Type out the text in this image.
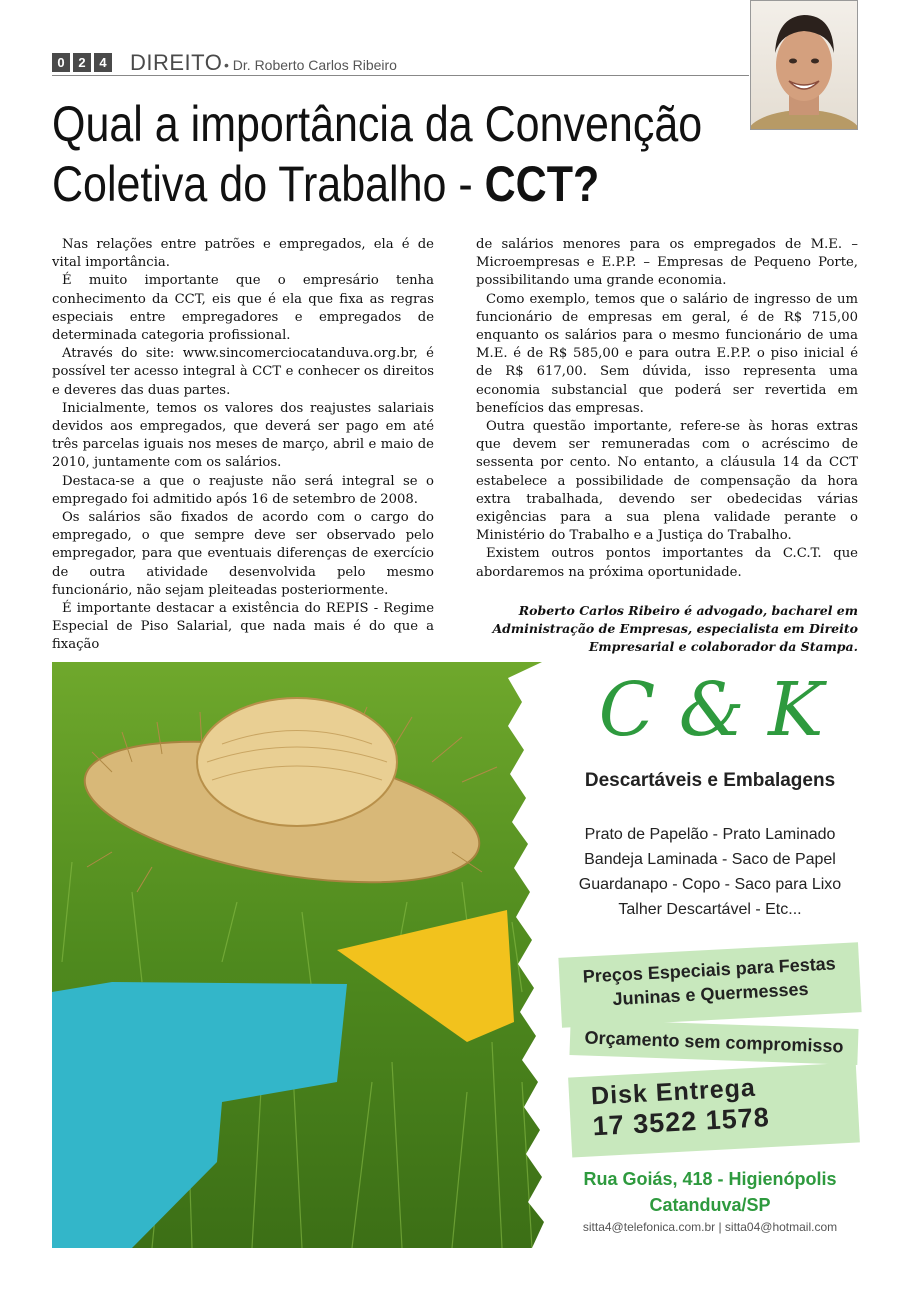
0	2	4 DIREITO • Dr. Roberto Carlos Ribeiro
Qual a importância da Convenção
Coletiva do Trabalho - CCT?

Nas relações entre patrões e empregados, ela é de vital importância.

É muito importante que o empresário tenha conhecimento da CCT, eis que é ela que fixa as regras especiais entre empregadores e empregados de determinada categoria profissional.

Através do site: www.sincomerciocatanduva.org.br, é possível ter acesso integral à CCT e conhecer os direitos e deveres das duas partes.

Inicialmente, temos os valores dos reajustes salariais devidos aos empregados, que deverá ser pago em até três parcelas iguais nos meses de março, abril e maio de 2010, juntamente com os salários.

Destaca-se a que o reajuste não será integral se o empregado foi admitido após 16 de setembro de 2008.

Os salários são fixados de acordo com o cargo do empregado, o que sempre deve ser observado pelo empregador, para que eventuais diferenças de exercício de outra atividade desenvolvida pelo mesmo funcionário, não sejam pleiteadas posteriormente.

É importante destacar a existência do REPIS - Regime Especial de Piso Salarial, que nada mais é do que a fixação

de salários menores para os empregados de M.E. – Microempresas e E.P.P. – Empresas de Pequeno Porte, possibilitando uma grande economia.

Como exemplo, temos que o salário de ingresso de um funcionário de empresas em geral, é de R$ 715,00 enquanto os salários para o mesmo funcionário de uma M.E. é de R$ 585,00 e para outra E.P.P. o piso inicial é de R$ 617,00. Sem dúvida, isso representa uma economia substancial que poderá ser revertida em benefícios das empresas.

Outra questão importante, refere-se às horas extras que devem ser remuneradas com o acréscimo de sessenta por cento. No entanto, a cláusula 14 da CCT estabelece a possibilidade de compensação da hora extra trabalhada, devendo ser obedecidas várias exigências para a sua plena validade perante o Ministério do Trabalho e a Justiça do Trabalho.

Existem outros pontos importantes da C.C.T. que abordaremos na próxima oportunidade.

Roberto Carlos Ribeiro é advogado, bacharel em Administração de Empresas, especialista em Direito Empresarial e colaborador da Stampa.

C & K
Descartáveis e Embalagens
Prato de Papelão - Prato Laminado
Bandeja Laminada - Saco de Papel
Guardanapo - Copo - Saco para Lixo
Talher Descartável - Etc...
Preços Especiais para Festas
Juninas e Quermesses
Orçamento sem compromisso
Disk Entrega
17 3522 1578
Rua Goiás, 418 - Higienópolis
Catanduva/SP
sitta4@telefonica.com.br | sitta04@hotmail.com
